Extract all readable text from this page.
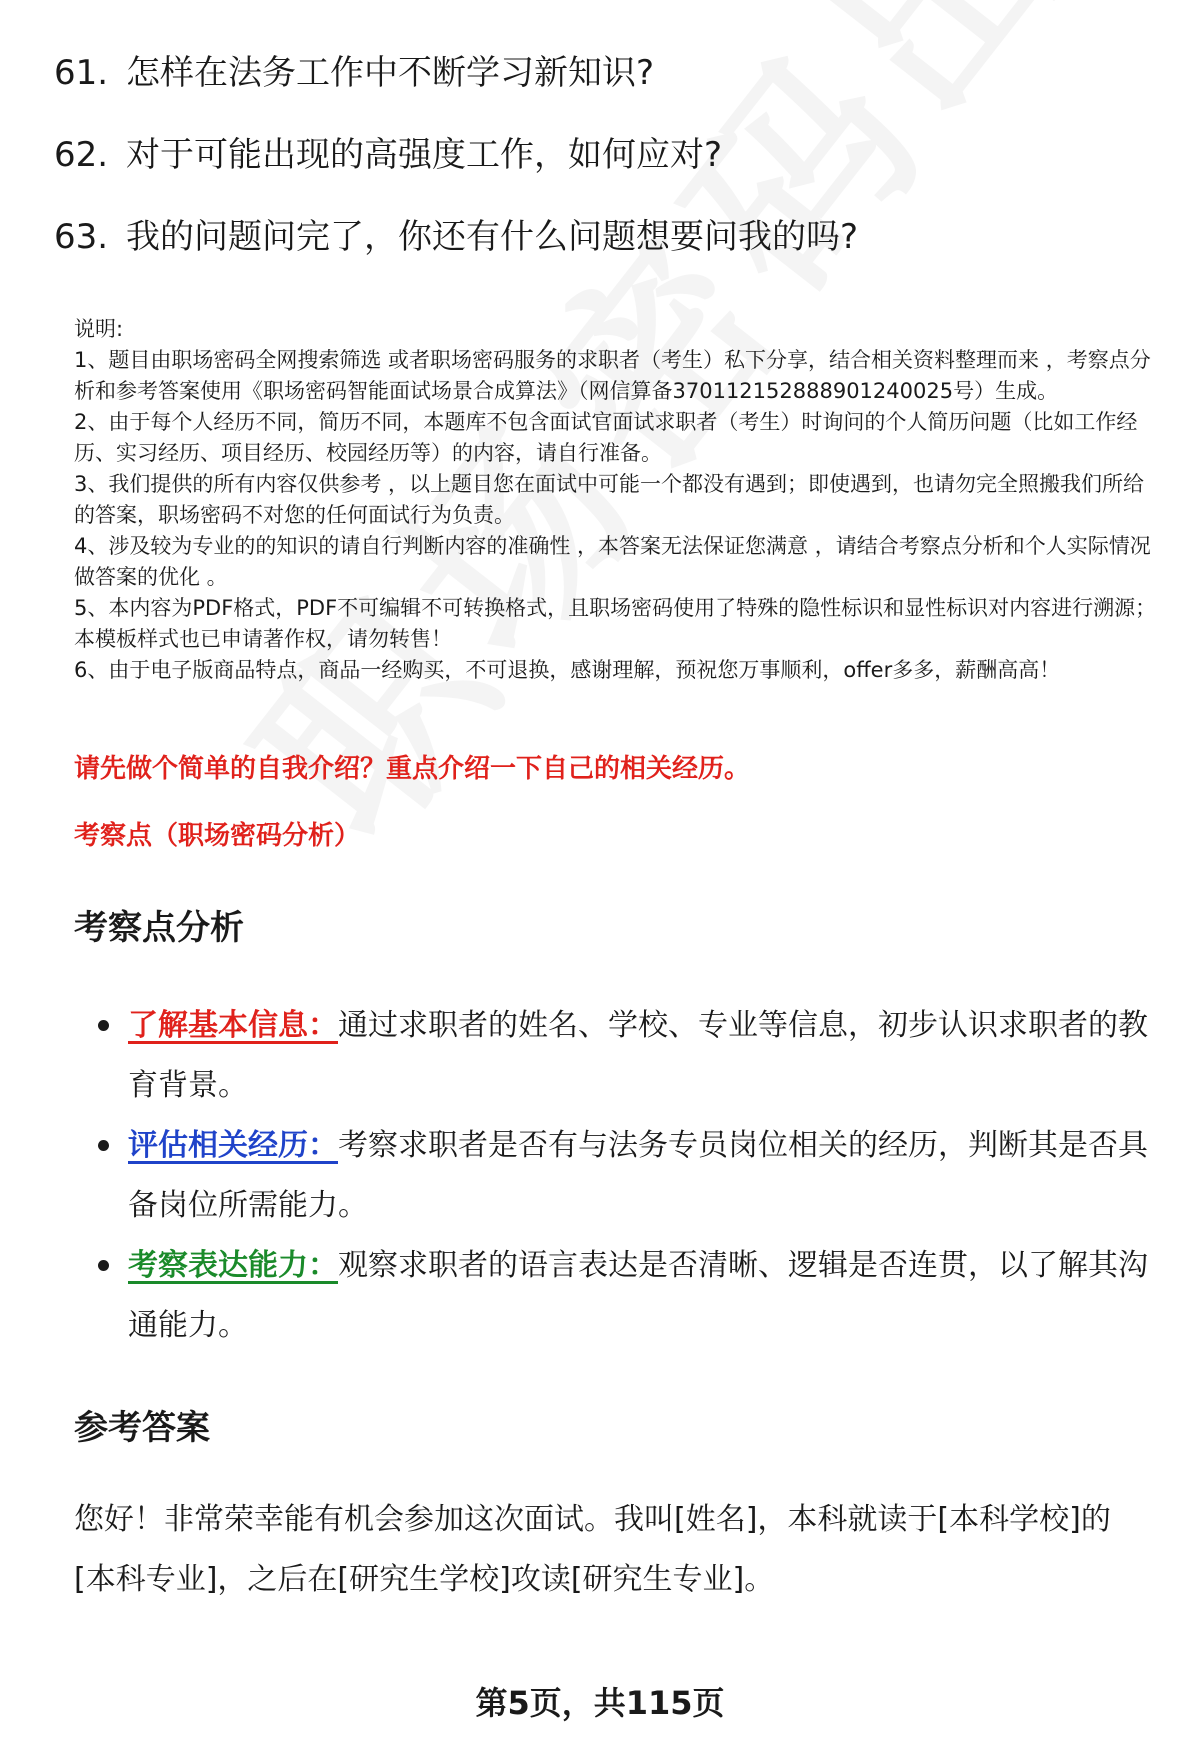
61. 怎样在法务工作中不断学习新知识?
62. 对于可能出现的高强度工作，如何应对?
63. 我的问题问完了，你还有什么问题想要问我的吗?
说明:
1、题目由职场密码全网搜索筛选 或者职场密码服务的求职者（考生）私下分享，结合相关资料整理而来 ，考察点分析和参考答案使用《职场密码智能面试场景合成算法》（网信算备370112152888901240025号）生成。
2、由于每个人经历不同，简历不同，本题库不包含面试官面试求职者（考生）时询问的个人简历问题（比如工作经历、实习经历、项目经历、校园经历等）的内容，请自行准备。
3、我们提供的所有内容仅供参考 ，以上题目您在面试中可能一个都没有遇到；即使遇到，也请勿完全照搬我们所给的答案，职场密码不对您的任何面试行为负责。
4、涉及较为专业的的知识的请自行判断内容的准确性 ，本答案无法保证您满意 ，请结合考察点分析和个人实际情况做答案的优化 。
5、本内容为PDF格式，PDF不可编辑不可转换格式，且职场密码使用了特殊的隐性标识和显性标识对内容进行溯源；本模板样式也已申请著作权，请勿转售！
6、由于电子版商品特点，商品一经购买，不可退换，感谢理解，预祝您万事顺利，offer多多，薪酬高高！
请先做个简单的自我介绍？重点介绍一下自己的相关经历。
考察点（职场密码分析）
考察点分析
了解基本信息：通过求职者的姓名、学校、专业等信息，初步认识求职者的教育背景。
评估相关经历：考察求职者是否有与法务专员岗位相关的经历，判断其是否具备岗位所需能力。
考察表达能力：观察求职者的语言表达是否清晰、逻辑是否连贯，以了解其沟通能力。
参考答案
您好！非常荣幸能有机会参加这次面试。我叫[姓名]，本科就读于[本科学校]的[本科专业]，之后在[研究生学校]攻读[研究生专业]。
第5页，共115页
